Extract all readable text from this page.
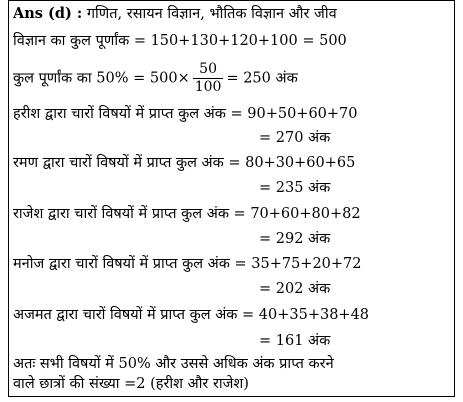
Ans (d) : गणित, रसायन विज्ञान, भौतिक विज्ञान और जीव
विज्ञान का कुल पूर्णांक = 150+130+120+100 = 500
कुल पूर्णांक का $50\% = 500\times \frac{50}{100} = 250$ अंक
हरीश द्वारा चारों विषयों में प्राप्त कुल अंक = 90+50+60+70
= 270 अंक
रमण द्वारा चारों विषयों में प्राप्त कुल अंक = 80+30+60+65
= 235 अंक
राजेश द्वारा चारों विषयों में प्राप्त कुल अंक = 70+60+80+82
= 292 अंक
मनोज द्वारा चारों विषयों में प्राप्त कुल अंक = 35+75+20+72
= 202 अंक
अजमत द्वारा चारों विषयों में प्राप्त कुल अंक = 40+35+38+48
= 161 अंक
अतः सभी विषयों में 50% और उससे अधिक अंक प्राप्त करने
वाले छात्रों की संख्या =2 (हरीश और राजेश)
